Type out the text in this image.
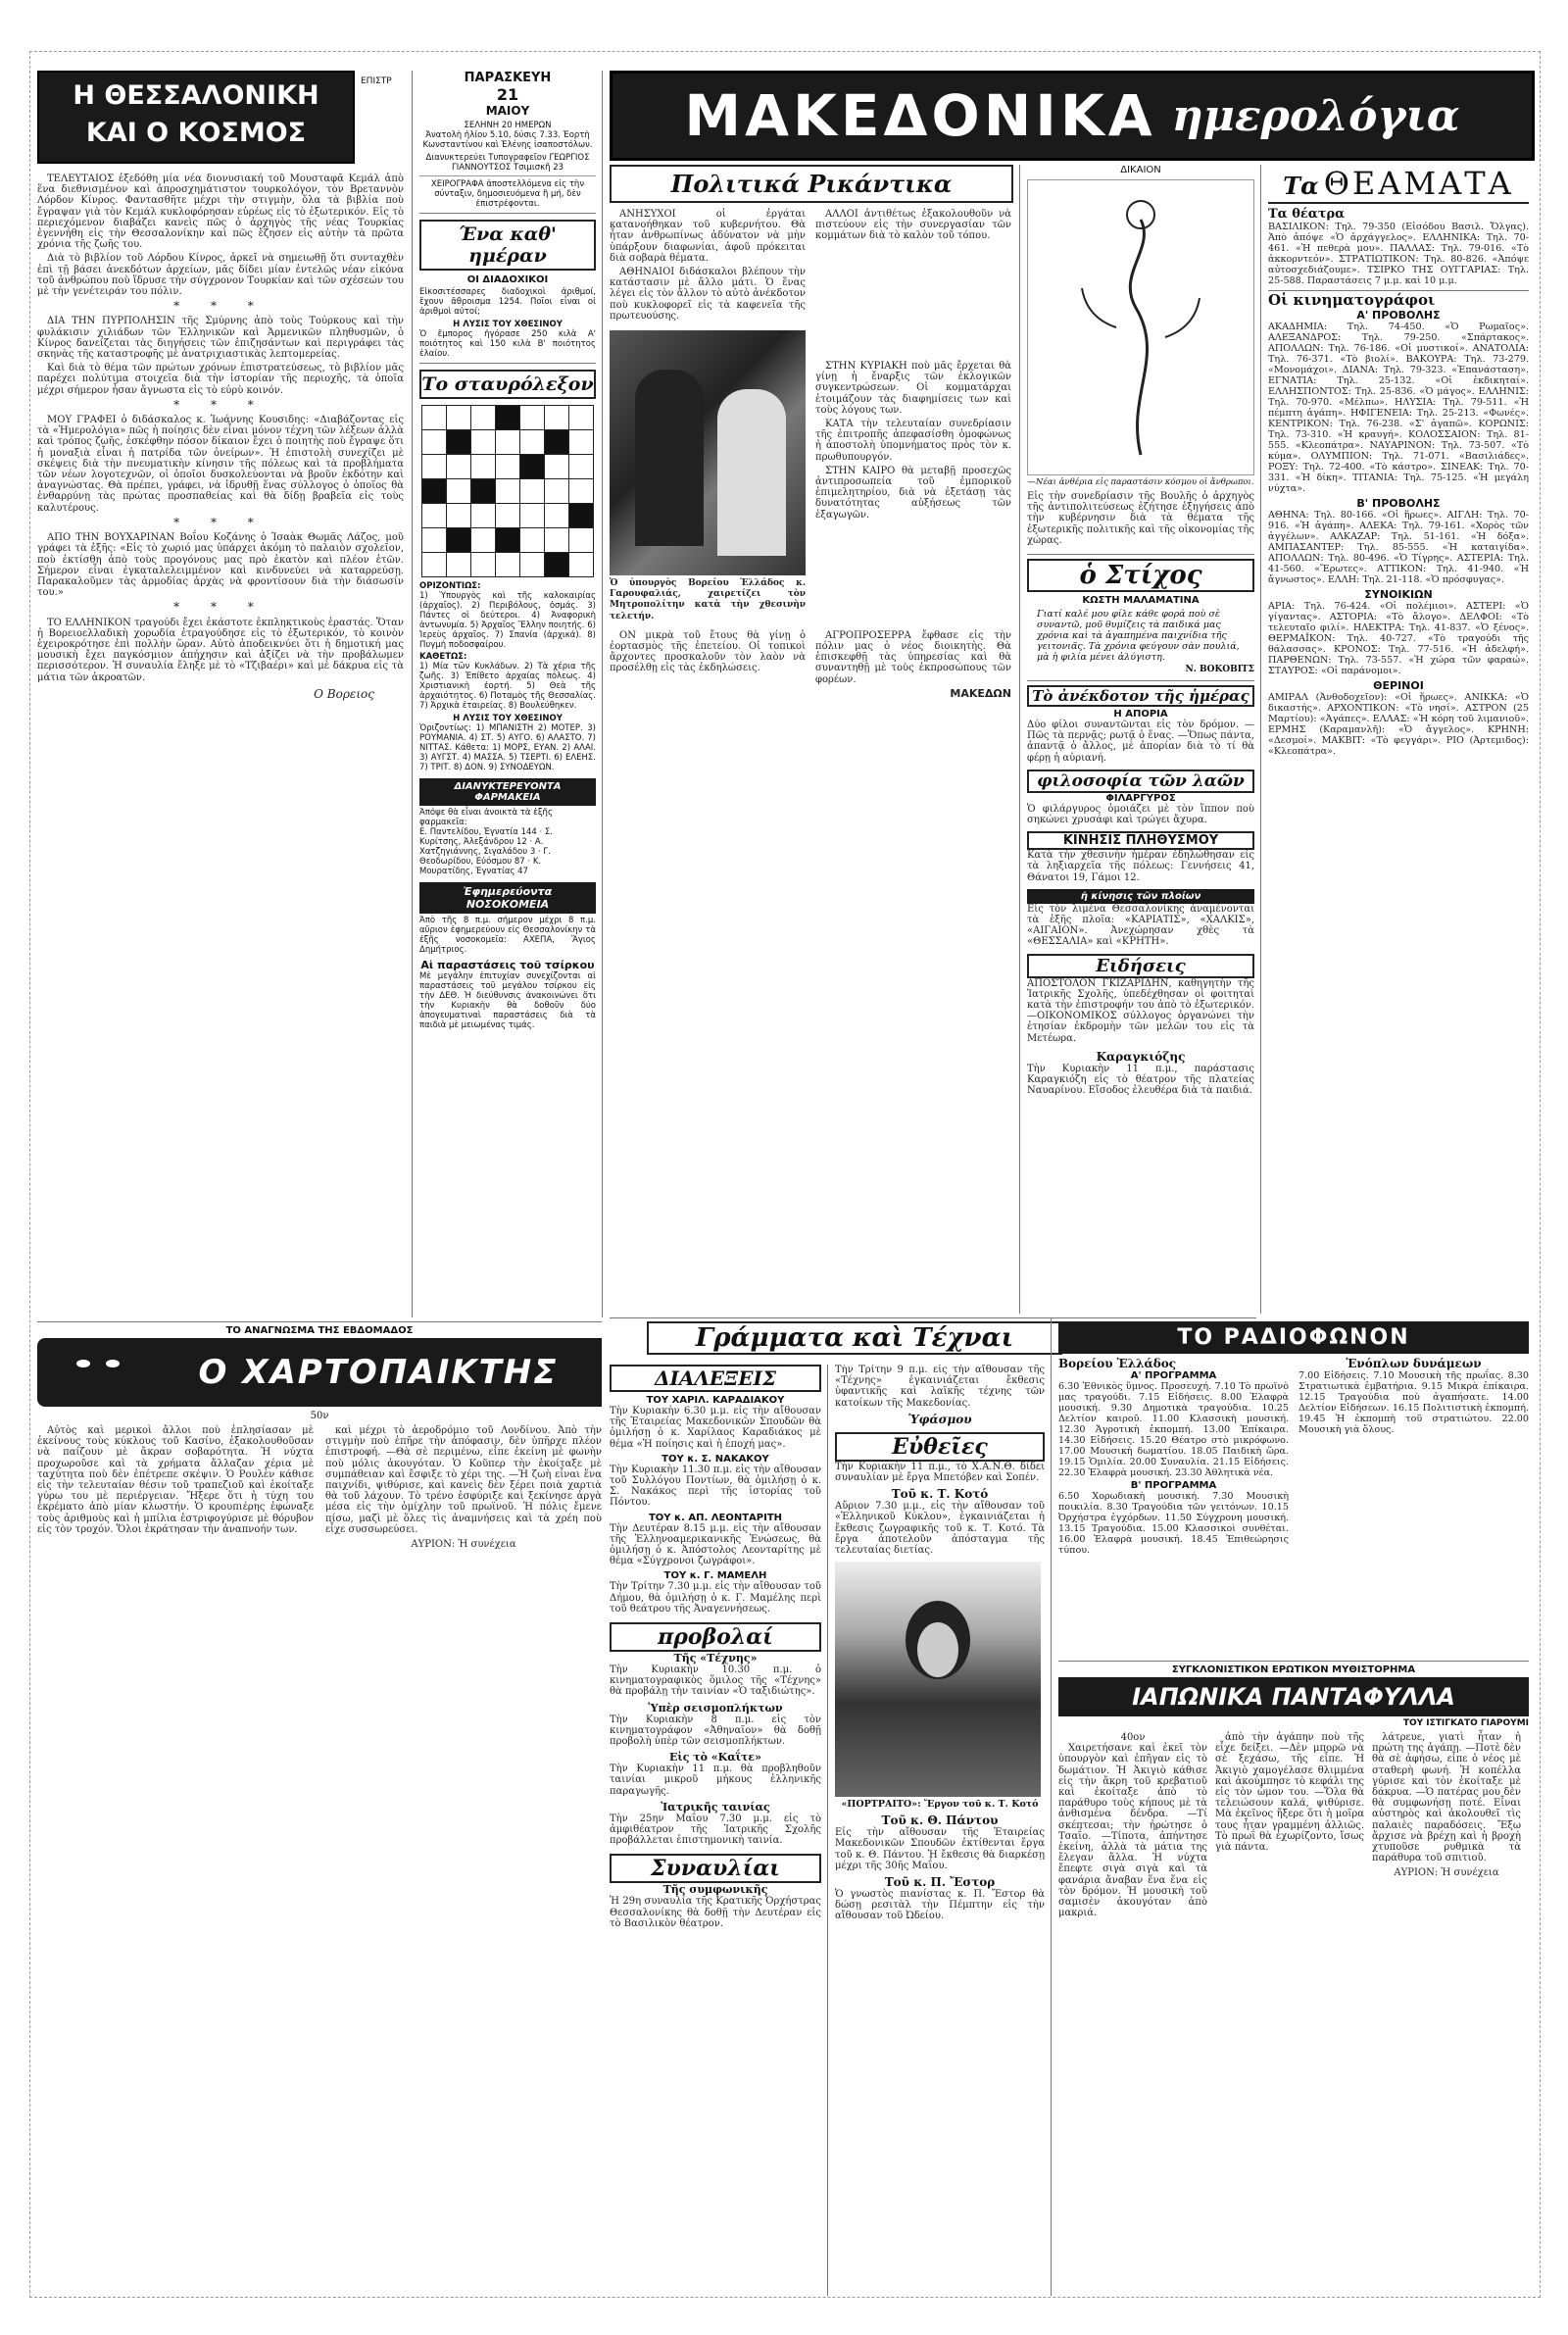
Η ΘΕΣΣΑΛΟΝΙΚΗ
ΚΑΙ Ο ΚΟΣΜΟΣ
ΕΠΙΣΤΡ

ΤΕΛΕΥΤΑΙΟΣ ἐξεδόθη μία νέα διονυσιακή τοῦ Μουσταφᾶ Κεμάλ ἀπὸ ἕνα διεθνισμένον καὶ ἀπροσχημάτιστον τουρκολόγον, τὸν Βρεταννὸν Λόρδον Κίνρος. Φαντασθῆτε μέχρι τὴν στιγμὴν, ὅλα τὰ βιβλία ποὺ ἔγραψαν γιὰ τὸν Κεμάλ κυκλοφόρησαν εὐρέως εἰς τὸ ἐξωτερικόν. Εἰς τὸ περιεχόμενον διαβάζει κανεὶς πῶς ὁ ἀρχηγὸς τῆς νέας Τουρκίας ἐγεννήθη εἰς τὴν Θεσσαλονίκην καὶ πῶς ἔζησεν εἰς αὐτὴν τὰ πρῶτα χρόνια τῆς ζωῆς του.

Διὰ τὸ βιβλίον τοῦ Λόρδου Κίνρος, ἀρκεῖ νὰ σημειωθῇ ὅτι συνταχθὲν ἐπὶ τῇ βάσει ἀνεκδότων ἀρχείων, μᾶς δίδει μίαν ἐντελῶς νέαν εἰκόνα τοῦ ἀνθρώπου ποὺ ἵδρυσε τὴν σύγχρονον Τουρκίαν καὶ τῶν σχέσεών του μὲ τὴν γενέτειράν του πόλιν.

* * *

ΔΙΑ ΤΗΝ ΠΥΡΠΟΛΗΣΙΝ τῆς Σμύρνης ἀπὸ τοὺς Τούρκους καὶ τὴν φυλάκισιν χιλιάδων τῶν Ἑλληνικῶν καὶ Ἀρμενικῶν πληθυσμῶν, ὁ Κίνρος δανείζεται τὰς διηγήσεις τῶν ἐπιζησάντων καὶ περιγράφει τὰς σκηνὰς τῆς καταστροφῆς μὲ ἀνατριχιαστικὰς λεπτομερείας.

Καὶ διὰ τὸ θέμα τῶν πρώτων χρόνων ἐπιστρατεύσεως, τὸ βιβλίον μᾶς παρέχει πολύτιμα στοιχεῖα διὰ τὴν ἱστορίαν τῆς περιοχῆς, τὰ ὁποῖα μέχρι σήμερον ἦσαν ἄγνωστα εἰς τὸ εὐρὺ κοινόν.

* * *

ΜΟΥ ΓΡΑΦΕΙ ὁ διδάσκαλος κ. Ἰωάννης Κουσιδης: «Διαβάζοντας εἰς τὰ «Ἡμερολόγια» πῶς ἡ ποίησις δὲν εἶναι μόνον τέχνη τῶν λέξεων ἀλλὰ καὶ τρόπος ζωῆς, ἐσκέφθην πόσον δίκαιον ἔχει ὁ ποιητὴς ποὺ ἔγραψε ὅτι ἡ μοναξιὰ εἶναι ἡ πατρίδα τῶν ὀνείρων». Ἡ ἐπιστολὴ συνεχίζει μὲ σκέψεις διὰ τὴν πνευματικὴν κίνησιν τῆς πόλεως καὶ τὰ προβλήματα τῶν νέων λογοτεχνῶν, οἱ ὁποῖοι δυσκολεύονται νὰ βροῦν ἐκδότην καὶ ἀναγνώστας. Θὰ πρέπει, γράφει, νὰ ἱδρυθῇ ἕνας σύλλογος ὁ ὁποῖος θὰ ἐνθαρρύνῃ τὰς πρώτας προσπαθείας καὶ θὰ δίδῃ βραβεῖα εἰς τοὺς καλυτέρους.

* * *

ΑΠΟ ΤΗΝ ΒΟΥΧΑΡΙΝΑΝ Βοΐου Κοζάνης ὁ Ἰσαὰκ Θωμᾶς Λάζος, μοῦ γράφει τὰ ἑξῆς: «Εἰς τὸ χωριό μας ὑπάρχει ἀκόμη τὸ παλαιὸν σχολεῖον, ποὺ ἐκτίσθη ἀπὸ τοὺς προγόνους μας πρὸ ἑκατὸν καὶ πλέον ἐτῶν. Σήμερον εἶναι ἐγκαταλελειμμένον καὶ κινδυνεύει νὰ καταρρεύσῃ. Παρακαλοῦμεν τὰς ἁρμοδίας ἀρχὰς νὰ φροντίσουν διὰ τὴν διάσωσίν του.»

* * *

ΤΟ ΕΛΛΗΝΙΚΟΝ τραγούδι ἔχει ἑκάστοτε ἐκπληκτικοὺς ἐραστάς. Ὅταν ἡ Βορειοελλαδικὴ χορωδία ἐτραγούδησε εἰς τὸ ἐξωτερικόν, τὸ κοινὸν ἐχειροκρότησε ἐπὶ πολλὴν ὥραν. Αὐτὸ ἀποδεικνύει ὅτι ἡ δημοτική μας μουσικὴ ἔχει παγκόσμιον ἀπήχησιν καὶ ἀξίζει νὰ τὴν προβάλωμεν περισσότερον. Ἡ συναυλία ἔληξε μὲ τὸ «Τζιβαέρι» καὶ μὲ δάκρυα εἰς τὰ μάτια τῶν ἀκροατῶν.

Ο Βορειος
ΠΑΡΑΣΚΕΥΗ
21
ΜΑΙΟΥ
ΣΕΛΗΝΗ 20 ΗΜΕΡΩΝ
Ἀνατολὴ ἡλίου 5.10, δύσις 7.33. Ἑορτὴ Κωνσταντίνου καὶ Ἑλένης ἰσαποστόλων.
Διανυκτερεύει Τυπογραφεῖον ΓΕΩΡΓΙΟΣ ΓΙΑΝΝΟΥΤΣΟΣ Τσιμισκῆ 23
ΧΕΙΡΟΓΡΑΦΑ ἀποστελλόμενα εἰς τὴν σύνταξιν, δημοσιευόμενα ἢ μή, δὲν ἐπιστρέφονται.
Ένα καθ' ημέραν
ΟΙ ΔΙΑΔΟΧΙΚΟΙ
Εἰκοσιτέσσαρες διαδοχικοὶ ἀριθμοί, ἔχουν ἄθροισμα 1254. Ποῖοι εἶναι οἱ ἀριθμοὶ αὐτοί;
Η ΛΥΣΙΣ ΤΟΥ ΧΘΕΣΙΝΟΥ
Ὁ ἔμπορος ἠγόρασε 250 κιλὰ Α' ποιότητος καὶ 150 κιλὰ Β' ποιότητος ἐλαίου.
Το σταυρόλεξον

ΟΡΙΖΟΝΤΙΩΣ:
1) Ὑπουργὸς καὶ τῆς καλοκαιρίας (ἀρχαῖος). 2) Περιβόλους, ὀσμάς. 3) Πάντες οἱ δεύτεροι. 4) Ἀναφορικὴ ἀντωνυμία. 5) Ἀρχαῖος Ἕλλην ποιητής. 6) Ἱερεὺς ἀρχαῖος. 7) Σπανία (ἀρχικά). 8) Πυγμὴ ποδοσφαίρου.
ΚΑΘΕΤΩΣ:
1) Μία τῶν Κυκλάδων. 2) Τὰ χέρια τῆς ζωῆς. 3) Ἐπίθετο ἀρχαίας πόλεως. 4) Χριστιανικὴ ἑορτή. 5) Θεὰ τῆς ἀρχαιότητος. 6) Ποταμὸς τῆς Θεσσαλίας. 7) Ἀρχικὰ ἑταιρείας. 8) Βουλεύθηκεν.
Η ΛΥΣΙΣ ΤΟΥ ΧΘΕΣΙΝΟΥ
Ὁριζοντίως: 1) ΜΠΑΝΙΣΤΗ 2) ΜΟΤΕΡ. 3) ΡΟΥΜΑΝΙΑ. 4) ΣΤ. 5) ΑΥΓΟ. 6) ΑΛΑΣΤΟ. 7) ΝΙΤΤΑΣ. Κάθετα: 1) ΜΟΡΣ, ΕΥΑΝ. 2) ΑΛΑΙ. 3) ΑΥΓΣΤ. 4) ΜΑΣΣΑ. 5) ΤΣΕΡΤΙ. 6) ΕΛΕΗΣ. 7) ΤΡΙΤ. 8) ΔΟΝ. 9) ΣΥΝΟΔΕΥΩΝ.
ΔΙΑΝΥΚΤΕΡΕΥΟΝΤΑ ΦΑΡΜΑΚΕΙΑ
Ἀπόψε θὰ εἶναι ἀνοικτὰ τὰ ἑξῆς φαρμακεῖα:
Ε. Παντελίδου, Ἐγνατία 144 · Σ. Κυρίτσης, Ἀλεξάνδρου 12 · Α. Χατζηγιάννης, Σιγαλάδου 3 · Γ. Θεοδωρίδου, Εὐόσμου 87 · Κ. Μουρατίδης, Ἐγνατίας 47
Ἐφημερεύοντα ΝΟΣΟΚΟΜΕΙΑ
Ἀπὸ τῆς 8 π.μ. σήμερον μέχρι 8 π.μ. αὔριον ἐφημερεύουν εἰς Θεσσαλονίκην τὰ ἑξῆς νοσοκομεῖα: ΑΧΕΠΑ, Ἅγιος Δημήτριος.
Αἱ παραστάσεις τοῦ τσίρκου
Μὲ μεγάλην ἐπιτυχίαν συνεχίζονται αἱ παραστάσεις τοῦ μεγάλου τσίρκου εἰς τὴν ΔΕΘ. Ἡ διεύθυνσις ἀνακοινώνει ὅτι τὴν Κυριακὴν θὰ δοθοῦν δύο ἀπογευματιναὶ παραστάσεις διὰ τὰ παιδιὰ μὲ μειωμένας τιμάς.
ΜΑΚΕΔΟΝΙΚΑ ημερολόγια
Πολιτικά Ρικάντικα

ΑΝΗΣΥΧΟΙ οἱ ἐργάται κατανοήθηκαν τοῦ κυβερνήτου. Θὰ ἦταν ἀνθρωπίνως ἀδύνατον νὰ μὴν ὑπάρξουν διαφωνίαι, ἀφοῦ πρόκειται διὰ σοβαρὰ θέματα.

ΑΘΗΝΑΙΟΙ διδάσκαλοι βλέπουν τὴν κατάστασιν μὲ ἄλλο μάτι. Ὁ ἕνας λέγει εἰς τὸν ἄλλον τὸ αὐτὸ ἀνέκδοτον ποὺ κυκλοφορεῖ εἰς τὰ καφενεῖα τῆς πρωτευούσης.

ΑΛΛΟΙ ἀντιθέτως ἐξακολουθοῦν νὰ πιστεύουν εἰς τὴν συνεργασίαν τῶν κομμάτων διὰ τὸ καλὸν τοῦ τόπου.

Ὁ ὑπουργὸς Βορείου Ἑλλάδος κ. Γαρουφαλιάς, χαιρετίζει τὸν Μητροπολίτην κατὰ τὴν χθεσινὴν τελετήν.

ΣΤΗΝ ΚΥΡΙΑΚΗ ποὺ μᾶς ἔρχεται θὰ γίνῃ ἡ ἔναρξις τῶν ἐκλογικῶν συγκεντρώσεων. Οἱ κομματάρχαι ἑτοιμάζουν τὰς διαφημίσεις των καὶ τοὺς λόγους των.

ΚΑΤΑ τὴν τελευταίαν συνεδρίασιν τῆς ἐπιτροπῆς ἀπεφασίσθη ὁμοφώνως ἡ ἀποστολὴ ὑπομνήματος πρὸς τὸν κ. πρωθυπουργόν.

ΣΤΗΝ ΚΑΙΡΟ θὰ μεταβῇ προσεχῶς ἀντιπροσωπεία τοῦ ἐμπορικοῦ ἐπιμελητηρίου, διὰ νὰ ἐξετάσῃ τὰς δυνατότητας αὐξήσεως τῶν ἐξαγωγῶν.

ΟΝ μικρὰ τοῦ ἔτους θὰ γίνῃ ὁ ἐορτασμὸς τῆς ἐπετείου. Οἱ τοπικοὶ ἄρχοντες προσκαλοῦν τὸν λαὸν νὰ προσέλθῃ εἰς τὰς ἐκδηλώσεις.

ΑΓΡΟΠΡΟΣΕΡΡΑ ἔφθασε εἰς τὴν πόλιν μας ὁ νέος διοικητὴς. Θὰ ἐπισκεφθῇ τὰς ὑπηρεσίας καὶ θὰ συναντηθῇ μὲ τοὺς ἐκπροσώπους τῶν φορέων.

ΜΑΚΕΔΩΝ
ΔΙΚΑΙΟΝ
—Νέαι ἀνθέρια εἰς παραστάσιν κόσμου οἱ ἄνθρωποι.
Εἰς τὴν συνεδρίασιν τῆς Βουλῆς ὁ ἀρχηγὸς τῆς ἀντιπολιτεύσεως ἐζήτησε ἐξηγήσεις ἀπὸ τὴν κυβέρνησιν διὰ τὰ θέματα τῆς ἐξωτερικῆς πολιτικῆς καὶ τῆς οἰκονομίας τῆς χώρας.
ὁ Στίχος
ΚΩΣΤΗ ΜΑΛΑΜΑΤΙΝΑ
Γιατί καλέ μου φίλε κάθε φορά ποὺ σὲ συναντῶ, μοῦ θυμίζεις τὰ παιδικά μας χρόνια καὶ τὰ ἀγαπημένα παιχνίδια τῆς γειτονιᾶς. Τὰ χρόνια φεύγουν σὰν πουλιά, μὰ ἡ φιλία μένει ἀλύγιστη.
Ν. ΒΟΚΟΒΙΤΣ
Τὸ ἀνέκδοτον τῆς ἡμέρας
Η ΑΠΟΡΙΑ
Δύο φίλοι συναντῶνται εἰς τὸν δρόμον. —Πῶς τὰ περνᾷς; ρωτᾷ ὁ ἕνας. —Ὅπως πάντα, ἀπαντᾷ ὁ ἄλλος, μὲ ἀπορίαν διὰ τὸ τί θὰ φέρῃ ἡ αὐριανή.
φιλοσοφία τῶν λαῶν
ΦΙΛΑΡΓΥΡΟΣ
Ὁ φιλάργυρος ὁμοιάζει μὲ τὸν ἵππον ποὺ σηκώνει χρυσάφι καὶ τρώγει ἄχυρα.
ΚΙΝΗΣΙΣ ΠΛΗΘΥΣΜΟΥ
Κατὰ τὴν χθεσινὴν ἡμέραν ἐδηλώθησαν εἰς τὰ ληξιαρχεῖα τῆς πόλεως: Γεννήσεις 41, Θάνατοι 19, Γάμοι 12.
ἡ κίνησις τῶν πλοίων
Εἰς τὸν λιμένα Θεσσαλονίκης ἀναμένονται τὰ ἑξῆς πλοῖα: «ΚΑΡΙΑΤΙΣ», «ΧΑΛΚΙΣ», «ΑΙΓΑΙΟΝ». Ἀνεχώρησαν χθὲς τὰ «ΘΕΣΣΑΛΙΑ» καὶ «ΚΡΗΤΗ».
Ειδήσεις
ΑΠΟΣΤΟΛΟΝ ΓΚΙΖΑΡΙΔΗΝ, καθηγητὴν τῆς Ἱατρικῆς Σχολῆς, ὑπεδέχθησαν οἱ φοιτηταὶ κατὰ τὴν ἐπιστροφήν του ἀπὸ τὸ ἐξωτερικόν. —ΟΙΚΟΝΟΜΙΚΟΣ σύλλογος ὀργανώνει τὴν ἐτησίαν ἐκδρομὴν τῶν μελῶν του εἰς τὰ Μετέωρα.
Καραγκιόζης
Τὴν Κυριακὴν 11 π.μ., παράστασις Καραγκιόζη εἰς τὸ θέατρον τῆς πλατείας Ναυαρίνου. Εἴσοδος ἐλευθέρα διὰ τὰ παιδιά.
Τα ΘΕΑΜΑΤΑ
Τα θέατρα
ΒΑΣΙΛΙΚΟΝ: Τηλ. 79-350 (Εἰσόδου Βασιλ. Ὄλγας). Ἀπὸ ἀπόψε «Ὁ ἀρχάγγελος». ΕΛΛΗΝΙΚΑ: Τηλ. 70-461. «Ἡ πεθερὰ μου». ΠΑΛΛΑΣ: Τηλ. 79-016. «Τὸ ἀκκορντεόν». ΣΤΡΑΤΙΩΤΙΚΟΝ: Τηλ. 80-826. «Ἀπόψε αὐτοσχεδιάζουμε». ΤΣΙΡΚΟ ΤΗΣ ΟΥΓΓΑΡΙΑΣ: Τηλ. 25-588. Παραστάσεις 7 μ.μ. καὶ 10 μ.μ.
Οἱ κινηματογράφοι
Α' ΠΡΟΒΟΛΗΣ
ΑΚΑΔΗΜΙΑ: Τηλ. 74-450. «Ὁ Ρωμαῖος». ΑΛΕΞΑΝΔΡΟΣ: Τηλ. 79-250. «Σπάρτακος». ΑΠΟΛΛΩΝ: Τηλ. 76-186. «Οἱ μυστικοί». ΑΝΑΤΟΛΙΑ: Τηλ. 76-371. «Τὸ βιολί». ΒΑΚΟΥΡΑ: Τηλ. 73-279. «Μονομάχοι». ΔΙΑΝΑ: Τηλ. 79-323. «Ἐπανάσταση». ΕΓΝΑΤΙΑ: Τηλ. 25-132. «Οἱ ἐκδικηταί». ΕΛΛΗΣΠΟΝΤΟΣ: Τηλ. 25-836. «Ὁ μάγος». ΕΛΛΗΝΙΣ: Τηλ. 70-970. «Μέλπω». ΗΛΥΣΙΑ: Τηλ. 79-511. «Ἡ πέμπτη ἀγάπη». ΗΦΙΓΕΝΕΙΑ: Τηλ. 25-213. «Φωνές». ΚΕΝΤΡΙΚΟΝ: Τηλ. 76-238. «Σ' ἀγαπῶ». ΚΟΡΩΝΙΣ: Τηλ. 73-310. «Ἡ κραυγή». ΚΟΛΟΣΣΑΙΟΝ: Τηλ. 81-555. «Κλεοπάτρα». ΝΑΥΑΡΙΝΟΝ: Τηλ. 73-507. «Τὸ κύμα». ΟΛΥΜΠΙΟΝ: Τηλ. 71-071. «Βασιλιάδες». ΡΟΞΥ: Τηλ. 72-400. «Τὸ κάστρο». ΣΙΝΕΑΚ: Τηλ. 70-331. «Ἡ δίκη». ΤΙΤΑΝΙΑ: Τηλ. 75-125. «Ἡ μεγάλη νύχτα».
Β' ΠΡΟΒΟΛΗΣ
ΑΘΗΝΑ: Τηλ. 80-166. «Οἱ ἥρωες». ΑΙΓΛΗ: Τηλ. 70-916. «Ἡ ἀγάπη». ΑΛΕΚΑ: Τηλ. 79-161. «Χορὸς τῶν ἀγγέλων». ΑΛΚΑΖΑΡ: Τηλ. 51-161. «Ἡ δόξα». ΑΜΠΑΣΑΝΤΕΡ: Τηλ. 85-555. «Ἡ καταιγίδα». ΑΠΟΛΛΩΝ: Τηλ. 80-496. «Ὁ Τίγρης». ΑΣΤΕΡΙΑ: Τηλ. 41-560. «Ἔρωτες». ΑΤΤΙΚΟΝ: Τηλ. 41-940. «Ἡ ἄγνωστος». ΕΛΛΗ: Τηλ. 21-118. «Ὁ πρόσφυγας».
ΣΥΝΟΙΚΙΩΝ
ΑΡΙΑ: Τηλ. 76-424. «Οἱ πολέμιοι». ΑΣΤΕΡΙ: «Ὁ γίγαντας». ΑΣΤΟΡΙΑ: «Τὸ ἄλογο». ΔΕΛΦΟΙ: «Τὸ τελευταῖο φιλί». ΗΛΕΚΤΡΑ: Τηλ. 41-837. «Ὁ ξένος». ΘΕΡΜΑΪΚΟΝ: Τηλ. 40-727. «Τὸ τραγούδι τῆς θάλασσας». ΚΡΟΝΟΣ: Τηλ. 77-516. «Ἡ ἀδελφή». ΠΑΡΘΕΝΩΝ: Τηλ. 73-557. «Ἡ χώρα τῶν φαραώ». ΣΤΑΥΡΟΣ: «Οἱ παράνομοι».
ΘΕΡΙΝΟΙ
ΑΜΙΡΑΛ (Ἀνθοδοχεῖον): «Οἱ ἥρωες». ΑΝΙΚΚΑ: «Ὁ δικαστής». ΑΡΧΟΝΤΙΚΟΝ: «Τὸ νησί». ΑΣΤΡΟΝ (25 Μαρτίου): «Ἀγάπες». ΕΛΛΑΣ: «Ἡ κόρη τοῦ λιμανιοῦ». ΕΡΜΗΣ (Καραμανλῆ): «Ὁ ἄγγελος». ΚΡΗΝΗ: «Δεσμοί». ΜΑΚΒΙΤ: «Τὸ φεγγάρι». ΡΙΟ (Ἀρτεμιδος): «Κλεοπάτρα».
Γράμματα καὶ Τέχναι
ΔΙΑΛΕΞΕΙΣ
ΤΟΥ ΧΑΡΙΛ. ΚΑΡΑΔΙΑΚΟΥ
Τὴν Κυριακὴν 6.30 μ.μ. εἰς τὴν αἴθουσαν τῆς Ἑταιρείας Μακεδονικῶν Σπουδῶν θὰ ὁμιλήσῃ ὁ κ. Χαρίλαος Καραδιάκος μὲ θέμα «Ἡ ποίησις καὶ ἡ ἐποχή μας».
ΤΟΥ κ. Σ. ΝΑΚΑΚΟΥ
Τὴν Κυριακὴν 11.30 π.μ. εἰς τὴν αἴθουσαν τοῦ Συλλόγου Ποντίων, θὰ ὁμιλήσῃ ὁ κ. Σ. Νακάκος περὶ τῆς ἱστορίας τοῦ Πόντου.
ΤΟΥ κ. ΑΠ. ΛΕΟΝΤΑΡΙΤΗ
Τὴν Δευτέραν 8.15 μ.μ. εἰς τὴν αἴθουσαν τῆς Ἑλληνοαμερικανικῆς Ἑνώσεως, θὰ ὁμιλήσῃ ὁ κ. Ἀπόστολος Λεονταρίτης μὲ θέμα «Σύγχρονοι ζωγράφοι».
ΤΟΥ κ. Γ. ΜΑΜΕΛΗ
Τὴν Τρίτην 7.30 μ.μ. εἰς τὴν αἴθουσαν τοῦ Δήμου, θὰ ὁμιλήσῃ ὁ κ. Γ. Μαμέλης περὶ τοῦ θεάτρου τῆς Ἀναγεννήσεως.
προβολαί
Τῆς «Τέχνης»
Τὴν Κυριακὴν 10.30 π.μ. ὁ κινηματογραφικὸς ὅμιλος τῆς «Τέχνης» θὰ προβάλῃ τὴν ταινίαν «Ὁ ταξιδιώτης».
Ὑπὲρ σεισμοπλήκτων
Τὴν Κυριακὴν 8 π.μ. εἰς τὸν κινηματογράφον «Ἀθηναῖον» θὰ δοθῇ προβολὴ ὑπὲρ τῶν σεισμοπλήκτων.
Εἰς τὸ «Καΐτε»
Τὴν Κυριακὴν 11 π.μ. θὰ προβληθοῦν ταινίαι μικροῦ μήκους ἑλληνικῆς παραγωγῆς.
Ἰατρικῆς ταινίας
Τὴν 25ην Μαΐου 7.30 μ.μ. εἰς τὸ ἀμφιθέατρον τῆς Ἰατρικῆς Σχολῆς προβάλλεται ἐπιστημονικὴ ταινία.
Συναυλίαι
Τῆς συμφωνικῆς
Ἡ 29η συναυλία τῆς Κρατικῆς Ὀρχήστρας Θεσσαλονίκης θὰ δοθῇ τὴν Δευτέραν εἰς τὸ Βασιλικὸν θέατρον.
Τὴν Τρίτην 9 π.μ. εἰς τὴν αἴθουσαν τῆς «Τέχνης» ἐγκαινιάζεται ἔκθεσις ὑφαντικῆς καὶ λαϊκῆς τέχνης τῶν κατοίκων τῆς Μακεδονίας.
Ὑφάσμου
Εὐθεῖες
Τὴν Κυριακὴν 11 π.μ., τὸ Χ.Α.Ν.Θ. δίδει συναυλίαν μὲ ἔργα Μπετόβεν καὶ Σοπέν.
Τοῦ κ. Τ. Κοτό
Αὔριον 7.30 μ.μ., εἰς τὴν αἴθουσαν τοῦ «Ἑλληνικοῦ Κύκλου», ἐγκαινιάζεται ἡ ἔκθεσις ζωγραφικῆς τοῦ κ. Τ. Κοτό. Τὰ ἔργα ἀποτελοῦν ἀπόσταγμα τῆς τελευταίας διετίας.
«ΠΟΡΤΡΑΙΤΟ»: Ἔργον τοῦ κ. Τ. Κοτό
Τοῦ κ. Θ. Πάντου
Εἰς τὴν αἴθουσαν τῆς Ἑταιρείας Μακεδονικῶν Σπουδῶν ἐκτίθενται ἔργα τοῦ κ. Θ. Πάντου. Ἡ ἔκθεσις θὰ διαρκέσῃ μέχρι τῆς 30ῆς Μαΐου.
Τοῦ κ. Π. Ἔστορ
Ὁ γνωστὸς πιανίστας κ. Π. Ἔστορ θὰ δώσῃ ρεσιτὰλ τὴν Πέμπτην εἰς τὴν αἴθουσαν τοῦ Ὠδείου.
ΤΟ ΡΑΔΙΟΦΩΝΟΝ
Βορείου Ἑλλάδος
Α' ΠΡΟΓΡΑΜΜΑ
6.30 Ἐθνικὸς ὕμνος. Προσευχή. 7.10 Τὸ πρωϊνὸ μας τραγούδι. 7.15 Εἰδήσεις. 8.00 Ἐλαφρὰ μουσική. 9.30 Δημοτικὰ τραγούδια. 10.25 Δελτίον καιροῦ. 11.00 Κλασσικὴ μουσική. 12.30 Ἀγροτικὴ ἐκπομπή. 13.00 Ἐπίκαιρα. 14.30 Εἰδήσεις. 15.20 Θέατρο στὸ μικρόφωνο. 17.00 Μουσικὴ δωματίου. 18.05 Παιδικὴ ὥρα. 19.15 Ὁμιλία. 20.00 Συναυλία. 21.15 Εἰδήσεις. 22.30 Ἐλαφρὰ μουσική. 23.30 Ἀθλητικὰ νέα.
Β' ΠΡΟΓΡΑΜΜΑ
6.50 Χορωδιακὴ μουσική. 7.30 Μουσικὴ ποικιλία. 8.30 Τραγούδια τῶν γειτόνων. 10.15 Ὀρχήστρα ἐγχόρδων. 11.50 Σύγχρονη μουσική. 13.15 Τραγούδια. 15.00 Κλασσικοὶ συνθέται. 16.00 Ἐλαφρὰ μουσική. 18.45 Ἐπιθεώρησις τύπου.
Ἐνόπλων δυνάμεων
7.00 Εἰδήσεις. 7.10 Μουσικὴ τῆς πρωΐας. 8.30 Στρατιωτικὰ ἐμβατήρια. 9.15 Μικρὰ ἐπίκαιρα. 12.15 Τραγούδια ποὺ ἀγαπήσατε. 14.00 Δελτίον Εἰδήσεων. 16.15 Πολιτιστικὴ ἐκπομπή. 19.45 Ἡ ἐκπομπὴ τοῦ στρατιώτου. 22.00 Μουσικὴ γιὰ ὅλους.
ΣΥΓΚΛΟΝΙΣΤΙΚΟΝ ΕΡΩΤΙΚΟΝ ΜΥΘΙΣΤΟΡΗΜΑ
ΙΑΠΩΝΙΚΑ ΠΑΝΤΑΦΥΛΛΑ
ΤΟΥ ΙΣΤΙΓΚΑΤΟ ΓΙΑΡΟΥΜΙ
40ον

Χαιρετήσανε καὶ ἐκεῖ τὸν ὑπουργὸν καὶ ἐπῆγαν εἰς τὸ δωμάτιον. Ἡ Ἀκιγιὸ κάθισε εἰς τὴν ἄκρη τοῦ κρεβατιοῦ καὶ ἐκοίταξε ἀπὸ τὸ παράθυρο τοὺς κήπους μὲ τὰ ἀνθισμένα δένδρα. —Τί σκέπτεσαι; τὴν ἠρώτησε ὁ Τσαΐο. —Τίποτα, ἀπήντησε ἐκείνη, ἀλλὰ τὰ μάτια της ἔλεγαν ἄλλα. Ἡ νύχτα ἔπεφτε σιγὰ σιγὰ καὶ τὰ φανάρια ἄναβαν ἕνα ἕνα εἰς τὸν δρόμον. Ἡ μουσικὴ τοῦ σαμισὲν ἀκουγόταν ἀπὸ μακριά.

ἀπὸ τὴν ἀγάπην ποὺ τῆς εἶχε δείξει. —Δὲν μπορῶ νὰ σὲ ξεχάσω, τῆς εἶπε. Ἡ Ἀκιγιὸ χαμογέλασε θλιμμένα καὶ ἀκούμπησε τὸ κεφάλι της εἰς τὸν ὦμον του. —Ὅλα θὰ τελειώσουν καλά, ψιθύρισε. Μὰ ἐκεῖνος ἤξερε ὅτι ἡ μοῖρα τους ἦταν γραμμένη ἀλλιῶς. Τὸ πρωΐ θὰ ἐχωρίζοντο, ἴσως γιὰ πάντα.

λάτρευε, γιατὶ ἦταν ἡ πρώτη της ἀγάπη. —Ποτὲ δὲν θὰ σὲ ἀφήσω, εἶπε ὁ νέος μὲ σταθερὴ φωνή. Ἡ κοπέλλα γύρισε καὶ τὸν ἐκοίταξε μὲ δάκρυα. —Ὁ πατέρας μου δὲν θὰ συμφωνήσῃ ποτέ. Εἶναι αὐστηρὸς καὶ ἀκολουθεῖ τὶς παλαιὲς παραδόσεις. Ἔξω ἄρχισε νὰ βρέχῃ καὶ ἡ βροχὴ χτυποῦσε ρυθμικὰ τὰ παράθυρα τοῦ σπιτιοῦ.

ΑΥΡΙΟΝ: Ἡ συνέχεια
ΤΟ ΑΝΑΓΝΩΣΜΑ ΤΗΣ ΕΒΔΟΜΑΔΟΣ
Ο ΧΑΡΤΟΠΑΙΚΤΗΣ
50ν

Αὐτὸς καὶ μερικοὶ ἄλλοι ποὺ ἐπλησίασαν μὲ ἐκείνους τοὺς κύκλους τοῦ Κασίνο, ἐξακολουθοῦσαν νὰ παίζουν μὲ ἄκραν σοβαρότητα. Ἡ νύχτα προχωροῦσε καὶ τὰ χρήματα ἄλλαζαν χέρια μὲ ταχύτητα ποὺ δὲν ἐπέτρεπε σκέψιν. Ὁ Ρουλὲν κάθισε εἰς τὴν τελευταίαν θέσιν τοῦ τραπεζιοῦ καὶ ἐκοίταξε γύρω του μὲ περιέργειαν. Ἤξερε ὅτι ἡ τύχη του ἐκρέματο ἀπὸ μίαν κλωστήν. Ὁ κρουπιέρης ἐφώναξε τοὺς ἀριθμοὺς καὶ ἡ μπίλια ἐστριφογύρισε μὲ θόρυβον εἰς τὸν τροχόν. Ὅλοι ἐκράτησαν τὴν ἀναπνοήν των.

καὶ μέχρι τὸ ἀεροδρόμιο τοῦ Λονδίνου. Ἀπὸ τὴν στιγμὴν ποὺ ἐπῆρε τὴν ἀπόφασιν, δὲν ὑπῆρχε πλέον ἐπιστροφή. —Θὰ σὲ περιμένω, εἶπε ἐκείνη μὲ φωνὴν ποὺ μόλις ἀκουγόταν. Ὁ Κοῦπερ τὴν ἐκοίταξε μὲ συμπάθειαν καὶ ἔσφιξε τὸ χέρι της. —Ἡ ζωὴ εἶναι ἕνα παιχνίδι, ψιθύρισε, καὶ κανεὶς δὲν ξέρει ποιὰ χαρτιὰ θὰ τοῦ λάχουν. Τὸ τρένο ἐσφύριξε καὶ ξεκίνησε ἀργὰ μέσα εἰς τὴν ὁμίχλην τοῦ πρωϊνοῦ. Ἡ πόλις ἔμενε πίσω, μαζὶ μὲ ὅλες τὶς ἀναμνήσεις καὶ τὰ χρέη ποὺ εἶχε συσσωρεύσει.

ΑΥΡΙΟΝ: Ἡ συνέχεια
